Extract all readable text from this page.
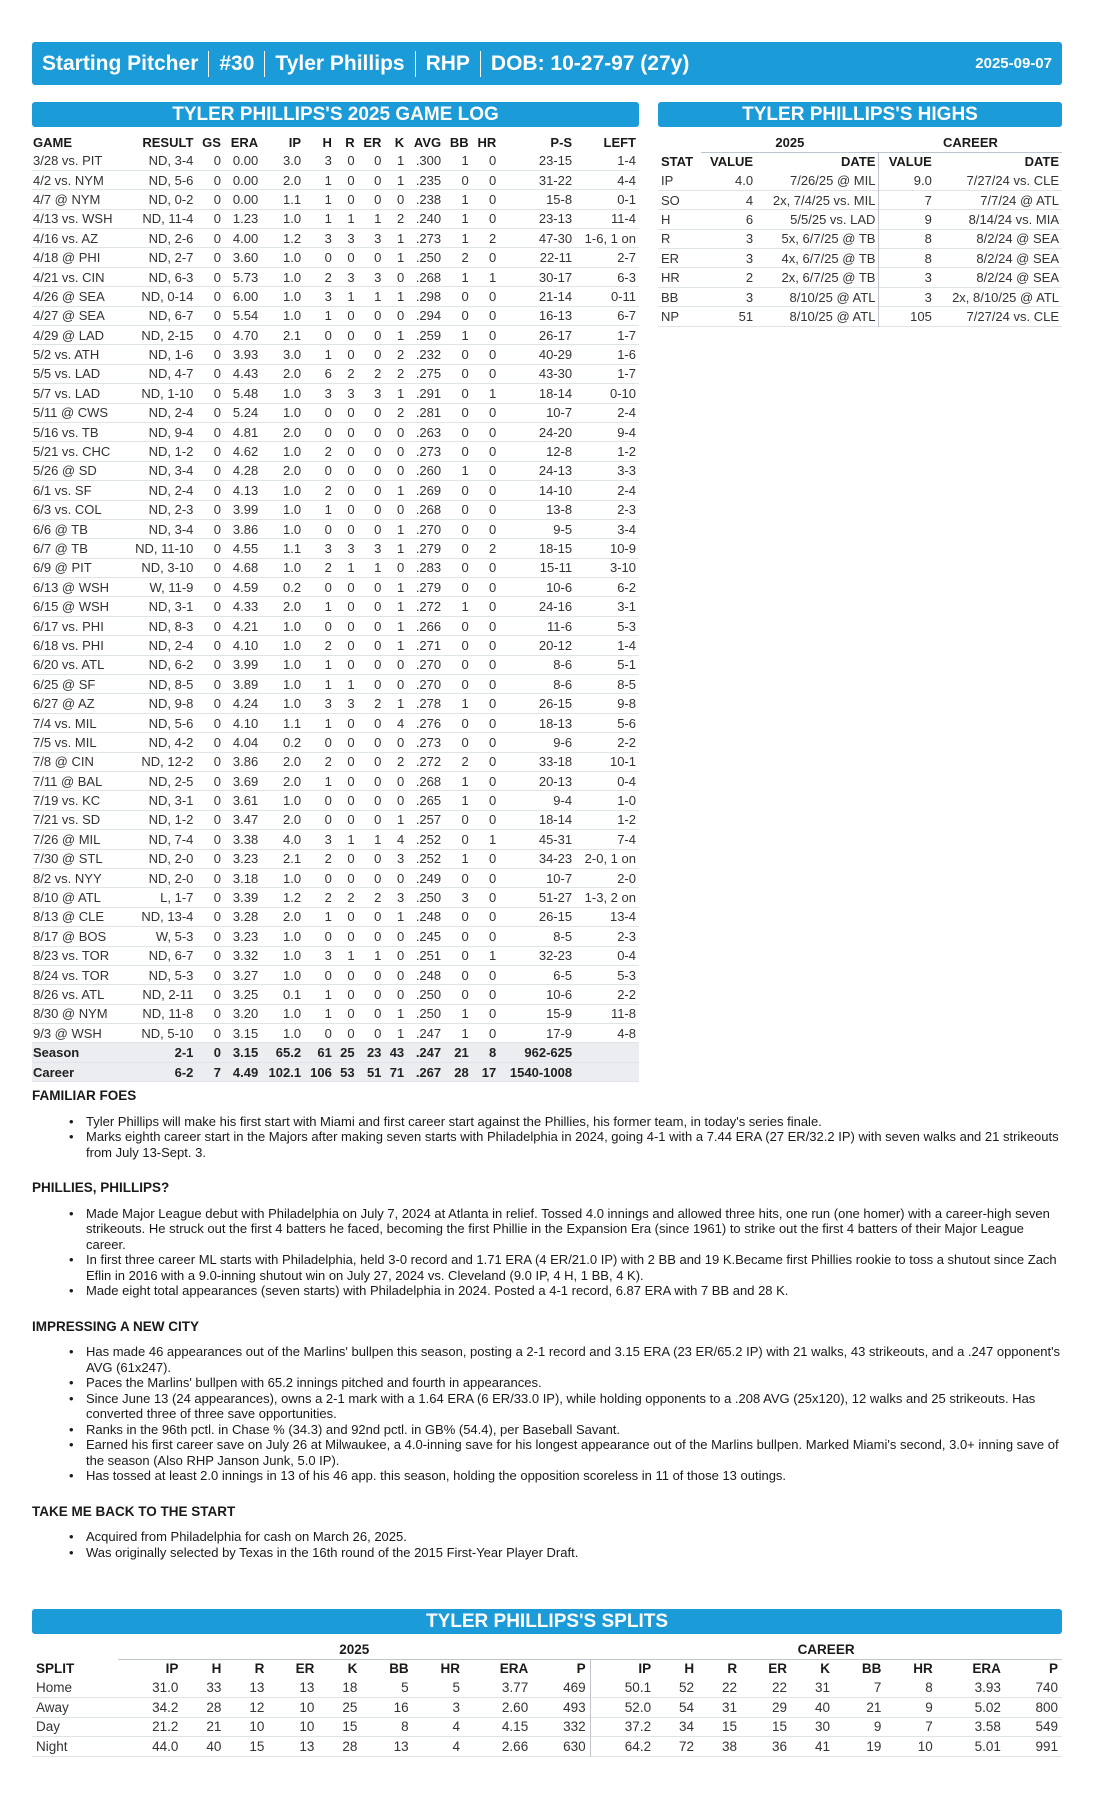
Starting Pitcher #30 Tyler Phillips RHP DOB: 10-27-97 (27y)	2025-09-07
TYLER PHILLIPS'S 2025 GAME LOG
GAME	RESULT	GS	ERA	IP	H	R	ER	K	AVG	BB	HR	P-S	LEFT
3/28 vs. PIT	ND, 3-4	0	0.00	3.0	3	0	0	1	.300	1	0	23-15	1-4
4/2 vs. NYM	ND, 5-6	0	0.00	2.0	1	0	0	1	.235	0	0	31-22	4-4
4/7 @ NYM	ND, 0-2	0	0.00	1.1	1	0	0	0	.238	1	0	15-8	0-1
4/13 vs. WSH	ND, 11-4	0	1.23	1.0	1	1	1	2	.240	1	0	23-13	11-4
4/16 vs. AZ	ND, 2-6	0	4.00	1.2	3	3	3	1	.273	1	2	47-30	1-6, 1 on
4/18 @ PHI	ND, 2-7	0	3.60	1.0	0	0	0	1	.250	2	0	22-11	2-7
4/21 vs. CIN	ND, 6-3	0	5.73	1.0	2	3	3	0	.268	1	1	30-17	6-3
4/26 @ SEA	ND, 0-14	0	6.00	1.0	3	1	1	1	.298	0	0	21-14	0-11
4/27 @ SEA	ND, 6-7	0	5.54	1.0	1	0	0	0	.294	0	0	16-13	6-7
4/29 @ LAD	ND, 2-15	0	4.70	2.1	0	0	0	1	.259	1	0	26-17	1-7
5/2 vs. ATH	ND, 1-6	0	3.93	3.0	1	0	0	2	.232	0	0	40-29	1-6
5/5 vs. LAD	ND, 4-7	0	4.43	2.0	6	2	2	2	.275	0	0	43-30	1-7
5/7 vs. LAD	ND, 1-10	0	5.48	1.0	3	3	3	1	.291	0	1	18-14	0-10
5/11 @ CWS	ND, 2-4	0	5.24	1.0	0	0	0	2	.281	0	0	10-7	2-4
5/16 vs. TB	ND, 9-4	0	4.81	2.0	0	0	0	0	.263	0	0	24-20	9-4
5/21 vs. CHC	ND, 1-2	0	4.62	1.0	2	0	0	0	.273	0	0	12-8	1-2
5/26 @ SD	ND, 3-4	0	4.28	2.0	0	0	0	0	.260	1	0	24-13	3-3
6/1 vs. SF	ND, 2-4	0	4.13	1.0	2	0	0	1	.269	0	0	14-10	2-4
6/3 vs. COL	ND, 2-3	0	3.99	1.0	1	0	0	0	.268	0	0	13-8	2-3
6/6 @ TB	ND, 3-4	0	3.86	1.0	0	0	0	1	.270	0	0	9-5	3-4
6/7 @ TB	ND, 11-10	0	4.55	1.1	3	3	3	1	.279	0	2	18-15	10-9
6/9 @ PIT	ND, 3-10	0	4.68	1.0	2	1	1	0	.283	0	0	15-11	3-10
6/13 @ WSH	W, 11-9	0	4.59	0.2	0	0	0	1	.279	0	0	10-6	6-2
6/15 @ WSH	ND, 3-1	0	4.33	2.0	1	0	0	1	.272	1	0	24-16	3-1
6/17 vs. PHI	ND, 8-3	0	4.21	1.0	0	0	0	1	.266	0	0	11-6	5-3
6/18 vs. PHI	ND, 2-4	0	4.10	1.0	2	0	0	1	.271	0	0	20-12	1-4
6/20 vs. ATL	ND, 6-2	0	3.99	1.0	1	0	0	0	.270	0	0	8-6	5-1
6/25 @ SF	ND, 8-5	0	3.89	1.0	1	1	0	0	.270	0	0	8-6	8-5
6/27 @ AZ	ND, 9-8	0	4.24	1.0	3	3	2	1	.278	1	0	26-15	9-8
7/4 vs. MIL	ND, 5-6	0	4.10	1.1	1	0	0	4	.276	0	0	18-13	5-6
7/5 vs. MIL	ND, 4-2	0	4.04	0.2	0	0	0	0	.273	0	0	9-6	2-2
7/8 @ CIN	ND, 12-2	0	3.86	2.0	2	0	0	2	.272	2	0	33-18	10-1
7/11 @ BAL	ND, 2-5	0	3.69	2.0	1	0	0	0	.268	1	0	20-13	0-4
7/19 vs. KC	ND, 3-1	0	3.61	1.0	0	0	0	0	.265	1	0	9-4	1-0
7/21 vs. SD	ND, 1-2	0	3.47	2.0	0	0	0	1	.257	0	0	18-14	1-2
7/26 @ MIL	ND, 7-4	0	3.38	4.0	3	1	1	4	.252	0	1	45-31	7-4
7/30 @ STL	ND, 2-0	0	3.23	2.1	2	0	0	3	.252	1	0	34-23	2-0, 1 on
8/2 vs. NYY	ND, 2-0	0	3.18	1.0	0	0	0	0	.249	0	0	10-7	2-0
8/10 @ ATL	L, 1-7	0	3.39	1.2	2	2	2	3	.250	3	0	51-27	1-3, 2 on
8/13 @ CLE	ND, 13-4	0	3.28	2.0	1	0	0	1	.248	0	0	26-15	13-4
8/17 @ BOS	W, 5-3	0	3.23	1.0	0	0	0	0	.245	0	0	8-5	2-3
8/23 vs. TOR	ND, 6-7	0	3.32	1.0	3	1	1	0	.251	0	1	32-23	0-4
8/24 vs. TOR	ND, 5-3	0	3.27	1.0	0	0	0	0	.248	0	0	6-5	5-3
8/26 vs. ATL	ND, 2-11	0	3.25	0.1	1	0	0	0	.250	0	0	10-6	2-2
8/30 @ NYM	ND, 11-8	0	3.20	1.0	1	0	0	1	.250	1	0	15-9	11-8
9/3 @ WSH	ND, 5-10	0	3.15	1.0	0	0	0	1	.247	1	0	17-9	4-8
Season	2-1	0	3.15	65.2	61	25	23	43	.247	21	8	962-625	
Career	6-2	7	4.49	102.1	106	53	51	71	.267	28	17	1540-1008	
TYLER PHILLIPS'S HIGHS
	2025		CAREER	
STAT	VALUE	DATE	VALUE	DATE
IP	4.0	7/26/25 @ MIL	9.0	7/27/24 vs. CLE
SO	4	2x, 7/4/25 vs. MIL	7	7/7/24 @ ATL
H	6	5/5/25 vs. LAD	9	8/14/24 vs. MIA
R	3	5x, 6/7/25 @ TB	8	8/2/24 @ SEA
ER	3	4x, 6/7/25 @ TB	8	8/2/24 @ SEA
HR	2	2x, 6/7/25 @ TB	3	8/2/24 @ SEA
BB	3	8/10/25 @ ATL	3	2x, 8/10/25 @ ATL
NP	51	8/10/25 @ ATL	105	7/27/24 vs. CLE
FAMILIAR FOES
• Tyler Phillips will make his first start with Miami and first career start against the Phillies, his former team, in today's series finale.
• Marks eighth career start in the Majors after making seven starts with Philadelphia in 2024, going 4-1 with a 7.44 ERA (27 ER/32.2 IP) with seven walks and 21 strikeouts from July 13-Sept. 3.
PHILLIES, PHILLIPS?
• Made Major League debut with Philadelphia on July 7, 2024 at Atlanta in relief. Tossed 4.0 innings and allowed three hits, one run (one homer) with a career-high seven strikeouts. He struck out the first 4 batters he faced, becoming the first Phillie in the Expansion Era (since 1961) to strike out the first 4 batters of their Major League career.
• In first three career ML starts with Philadelphia, held 3-0 record and 1.71 ERA (4 ER/21.0 IP) with 2 BB and 19 K.Became first Phillies rookie to toss a shutout since Zach Eflin in 2016 with a 9.0-inning shutout win on July 27, 2024 vs. Cleveland (9.0 IP, 4 H, 1 BB, 4 K).
• Made eight total appearances (seven starts) with Philadelphia in 2024. Posted a 4-1 record, 6.87 ERA with 7 BB and 28 K.
IMPRESSING A NEW CITY
• Has made 46 appearances out of the Marlins' bullpen this season, posting a 2-1 record and 3.15 ERA (23 ER/65.2 IP) with 21 walks, 43 strikeouts, and a .247 opponent's AVG (61x247).
• Paces the Marlins' bullpen with 65.2 innings pitched and fourth in appearances.
• Since June 13 (24 appearances), owns a 2-1 mark with a 1.64 ERA (6 ER/33.0 IP), while holding opponents to a .208 AVG (25x120), 12 walks and 25 strikeouts. Has converted three of three save opportunities.
• Ranks in the 96th pctl. in Chase % (34.3) and 92nd pctl. in GB% (54.4), per Baseball Savant.
• Earned his first career save on July 26 at Milwaukee, a 4.0-inning save for his longest appearance out of the Marlins bullpen. Marked Miami's second, 3.0+ inning save of the season (Also RHP Janson Junk, 5.0 IP).
• Has tossed at least 2.0 innings in 13 of his 46 app. this season, holding the opposition scoreless in 11 of those 13 outings.
TAKE ME BACK TO THE START
• Acquired from Philadelphia for cash on March 26, 2025.
• Was originally selected by Texas in the 16th round of the 2015 First-Year Player Draft.
TYLER PHILLIPS'S SPLITS
	2025									CAREER								
SPLIT	IP	H	R	ER	K	BB	HR	ERA	P	IP	H	R	ER	K	BB	HR	ERA	P
Home	31.0	33	13	13	18	5	5	3.77	469	50.1	52	22	22	31	7	8	3.93	740
Away	34.2	28	12	10	25	16	3	2.60	493	52.0	54	31	29	40	21	9	5.02	800
Day	21.2	21	10	10	15	8	4	4.15	332	37.2	34	15	15	30	9	7	3.58	549
Night	44.0	40	15	13	28	13	4	2.66	630	64.2	72	38	36	41	19	10	5.01	991
